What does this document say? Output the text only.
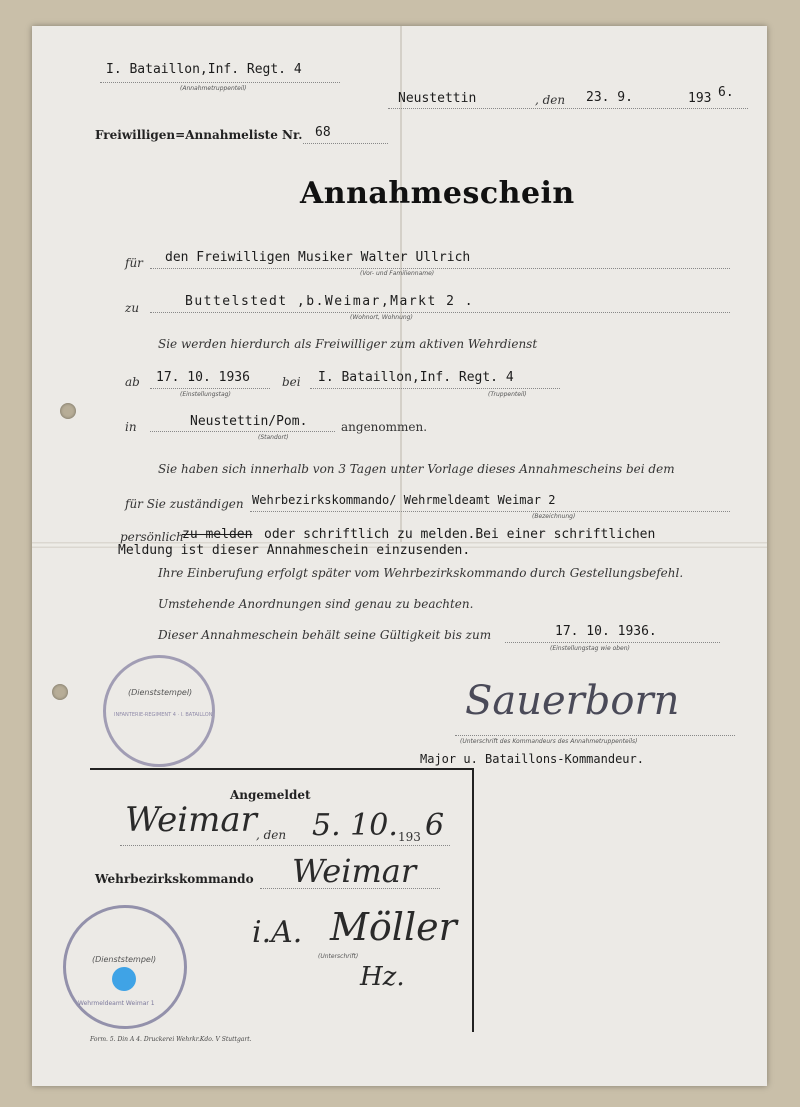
I. Bataillon,Inf. Regt. 4
(Annahmetruppenteil)
Neustettin	, den 23. 9.	193 6.
Freiwilligen=Annahmeliste Nr. 68
Annahmeschein
für den Freiwilligen Musiker Walter Ullrich
(Vor- und Familienname)
zu	Buttelstedt ,b.Weimar,Markt 2 .
(Wohnort, Wohnung)
Sie werden hierdurch als Freiwilliger zum aktiven Wehrdienst
ab 17. 10. 1936
(Einstellungstag)
bei I. Bataillon,Inf. Regt. 4
(Truppenteil)
in	Neustettin/Pom.
(Standort)
angenommen.
Sie haben sich innerhalb von 3 Tagen unter Vorlage dieses Annahmescheins bei dem
für Sie zuständigen Wehrbezirkskommando/ Wehrmeldeamt Weimar 2
(Bezeichnung)
persönlich
zu melden oder schriftlich zu melden.Bei einer schriftlichen
Meldung ist dieser Annahmeschein einzusenden.
Ihre Einberufung erfolgt später vom Wehrbezirkskommando durch Gestellungsbefehl.
Umstehende Anordnungen sind genau zu beachten.
Dieser Annahmeschein behält seine Gültigkeit bis zum	17. 10. 1936.
(Einstellungstag wie oben)
(Dienststempel)
INFANTERIE-REGIMENT 4 · I. BATAILLON	Sauerborn
(Unterschrift des Kommandeurs des Annahmetruppenteils)
Major u. Bataillons-Kommandeur.
Angemeldet
Weimar , den 5. 10. 193 6
Wehrbezirkskommando Weimar
i.A. Möller
(Unterschrift)
Hz.
(Dienststempel)
Wehrmeldeamt Weimar 1
Form. 5. Din A 4. Druckerei Wehrkr.Kdo. V Stuttgart.
